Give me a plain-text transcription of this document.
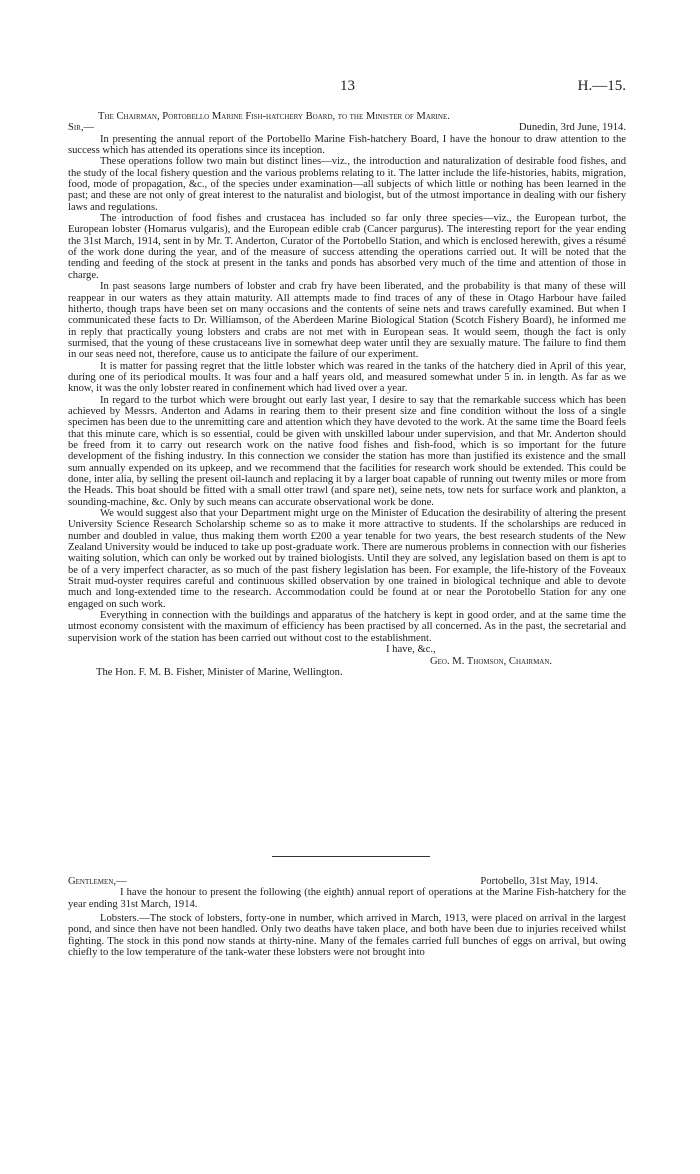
13	H.—15.

The Chairman, Portobello Marine Fish-hatchery Board, to the Minister of Marine.

Sir,—	Dunedin, 3rd June, 1914.

In presenting the annual report of the Portobello Marine Fish-hatchery Board, I have the honour to draw attention to the success which has attended its operations since its inception.

These operations follow two main but distinct lines—viz., the introduction and naturalization of desirable food fishes, and the study of the local fishery question and the various problems relating to it. The latter include the life-histories, habits, migration, food, mode of propagation, &c., of the species under examination—all subjects of which little or nothing has been learned in the past; and these are not only of great interest to the naturalist and biologist, but of the utmost importance in dealing with our fishery laws and regulations.

The introduction of food fishes and crustacea has included so far only three species—viz., the European turbot, the European lobster (Homarus vulgaris), and the European edible crab (Cancer pargurus). The interesting report for the year ending the 31st March, 1914, sent in by Mr. T. Anderton, Curator of the Portobello Station, and which is enclosed herewith, gives a résumé of the work done during the year, and of the measure of success attending the operations carried out. It will be noted that the tending and feeding of the stock at present in the tanks and ponds has absorbed very much of the time and attention of those in charge.

In past seasons large numbers of lobster and crab fry have been liberated, and the probability is that many of these will reappear in our waters as they attain maturity. All attempts made to find traces of any of these in Otago Harbour have failed hitherto, though traps have been set on many occasions and the contents of seine nets and traws carefully examined. But when I communicated these facts to Dr. Williamson, of the Aberdeen Marine Biological Station (Scotch Fishery Board), he informed me in reply that practically young lobsters and crabs are not met with in European seas. It would seem, though the fact is only surmised, that the young of these crustaceans live in somewhat deep water until they are sexually mature. The failure to find them in our seas need not, therefore, cause us to anticipate the failure of our experiment.

It is matter for passing regret that the little lobster which was reared in the tanks of the hatchery died in April of this year, during one of its periodical moults. It was four and a half years old, and measured somewhat under 5 in. in length. As far as we know, it was the only lobster reared in confinement which had lived over a year.

In regard to the turbot which were brought out early last year, I desire to say that the remarkable success which has been achieved by Messrs. Anderton and Adams in rearing them to their present size and fine condition without the loss of a single specimen has been due to the unremitting care and attention which they have devoted to the work. At the same time the Board feels that this minute care, which is so essential, could be given with unskilled labour under supervision, and that Mr. Anderton should be freed from it to carry out research work on the native food fishes and fish-food, which is so important for the future development of the fishing industry. In this connection we consider the station has more than justified its existence and the small sum annually expended on its upkeep, and we recommend that the facilities for research work should be extended. This could be done, inter alia, by selling the present oil-launch and replacing it by a larger boat capable of running out twenty miles or more from the Heads. This boat should be fitted with a small otter trawl (and spare net), seine nets, tow nets for surface work and plankton, a sounding-machine, &c. Only by such means can accurate observational work be done.

We would suggest also that your Department might urge on the Minister of Education the desirability of altering the present University Science Research Scholarship scheme so as to make it more attractive to students. If the scholarships are reduced in number and doubled in value, thus making them worth £200 a year tenable for two years, the best research students of the New Zealand University would be induced to take up post-graduate work. There are numerous problems in connection with our fisheries waiting solution, which can only be worked out by trained biologists. Until they are solved, any legislation based on them is apt to be of a very imperfect character, as so much of the past fishery legislation has been. For example, the life-history of the Foveaux Strait mud-oyster requires careful and continuous skilled observation by one trained in biological technique and able to devote much and long-extended time to the research. Accommodation could be found at or near the Porotobello Station for any one engaged on such work.

Everything in connection with the buildings and apparatus of the hatchery is kept in good order, and at the same time the utmost economy consistent with the maximum of efficiency has been practised by all concerned. As in the past, the secretarial and supervision work of the station has been carried out without cost to the establishment.

I have, &c.,
Geo. M. Thomson, Chairman.
The Hon. F. M. B. Fisher, Minister of Marine, Wellington.
Gentlemen,—	Portobello, 31st May, 1914.

I have the honour to present the following (the eighth) annual report of operations at the Marine Fish-hatchery for the year ending 31st March, 1914.

Lobsters.—The stock of lobsters, forty-one in number, which arrived in March, 1913, were placed on arrival in the largest pond, and since then have not been handled. Only two deaths have taken place, and both have been due to injuries received whilst fighting. The stock in this pond now stands at thirty-nine. Many of the females carried full bunches of eggs on arrival, but owing chiefly to the low temperature of the tank-water these lobsters were not brought into
